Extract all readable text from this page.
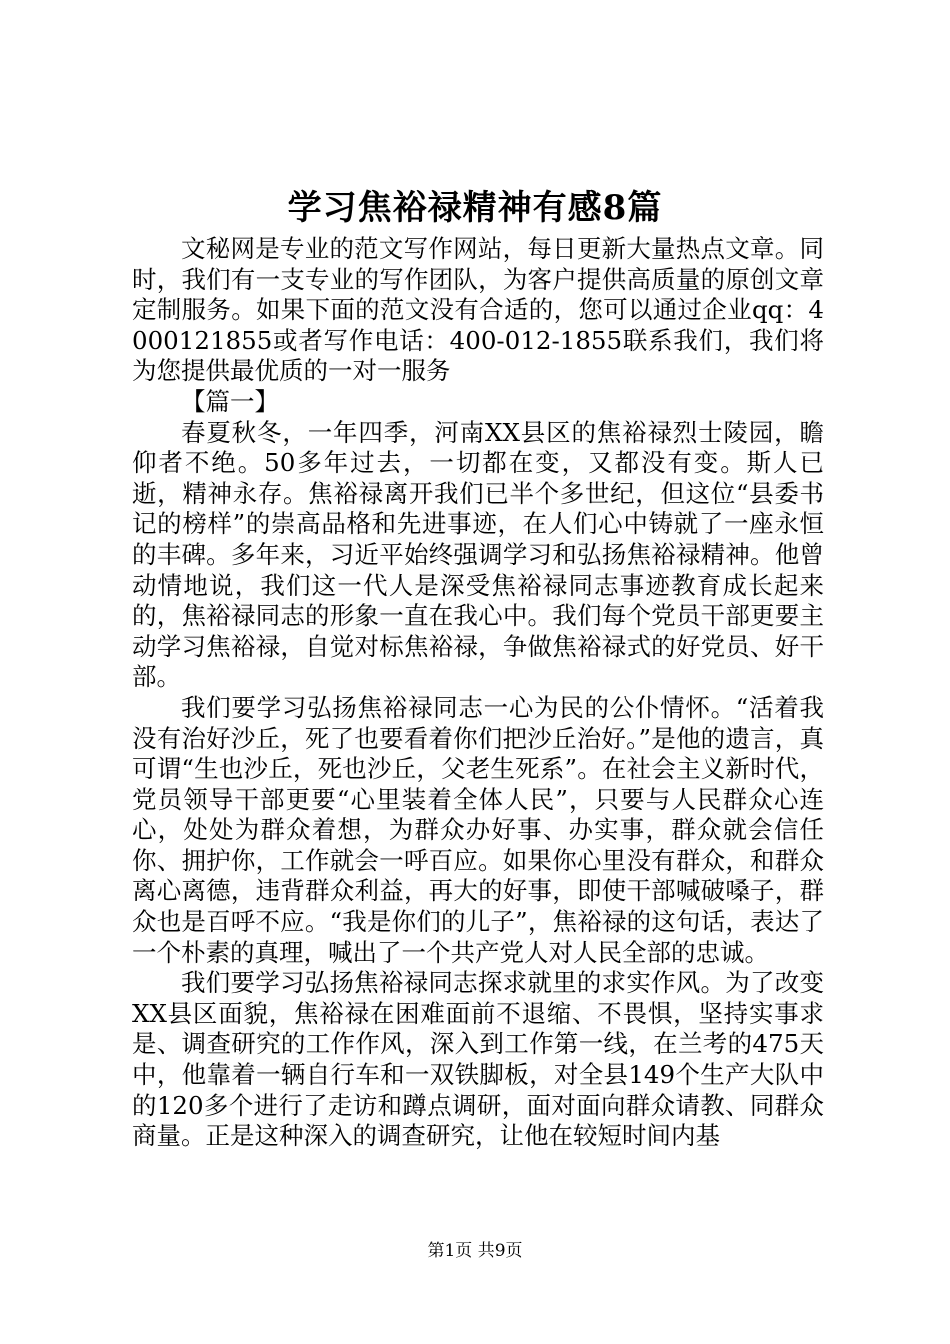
学习焦裕禄精神有感8篇

文秘网是专业的范文写作网站，每日更新大量热点文章。同时，我们有一支专业的写作团队，为客户提供高质量的原创文章定制服务。如果下面的范文没有合适的，您可以通过企业qq：4000121855或者写作电话：400-012-1855联系我们，我们将为您提供最优质的一对一服务

【篇一】

春夏秋冬，一年四季，河南XX县区的焦裕禄烈士陵园，瞻仰者不绝。50多年过去，一切都在变，又都没有变。斯人已逝，精神永存。焦裕禄离开我们已半个多世纪，但这位“县委书记的榜样”的崇高品格和先进事迹，在人们心中铸就了一座永恒的丰碑。多年来，习近平始终强调学习和弘扬焦裕禄精神。他曾动情地说，我们这一代人是深受焦裕禄同志事迹教育成长起来的，焦裕禄同志的形象一直在我心中。我们每个党员干部更要主动学习焦裕禄，自觉对标焦裕禄，争做焦裕禄式的好党员、好干部。

我们要学习弘扬焦裕禄同志一心为民的公仆情怀。“活着我没有治好沙丘，死了也要看着你们把沙丘治好。”是他的遗言，真可谓“生也沙丘，死也沙丘，父老生死系”。在社会主义新时代，党员领导干部更要“心里装着全体人民”，只要与人民群众心连心，处处为群众着想，为群众办好事、办实事，群众就会信任你、拥护你，工作就会一呼百应。如果你心里没有群众，和群众离心离德，违背群众利益，再大的好事，即使干部喊破嗓子，群众也是百呼不应。“我是你们的儿子”，焦裕禄的这句话，表达了一个朴素的真理，喊出了一个共产党人对人民全部的忠诚。

我们要学习弘扬焦裕禄同志探求就里的求实作风。为了改变XX县区面貌，焦裕禄在困难面前不退缩、不畏惧，坚持实事求是、调查研究的工作作风，深入到工作第一线，在兰考的475天中，他靠着一辆自行车和一双铁脚板，对全县149个生产大队中的120多个进行了走访和蹲点调研，面对面向群众请教、同群众商量。正是这种深入的调查研究，让他在较短时间内基

第1页 共9页
